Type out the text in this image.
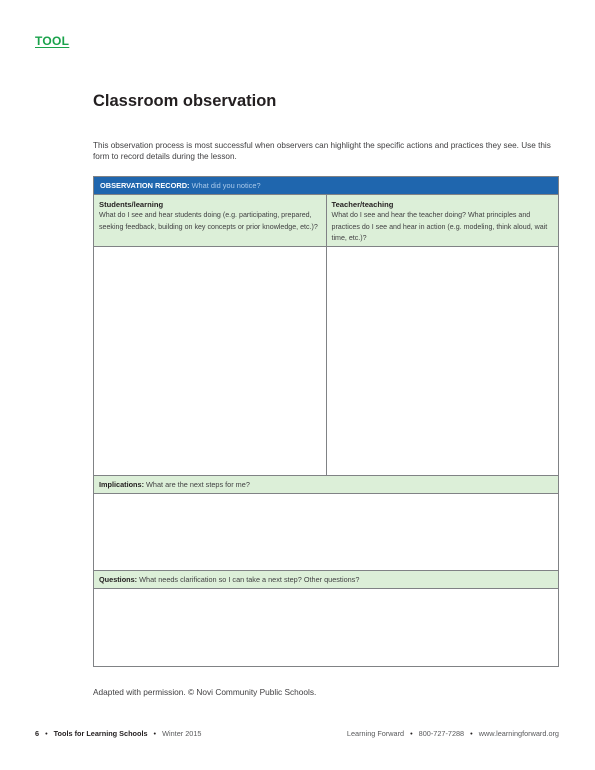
TOOL
Classroom observation

This observation process is most successful when observers can highlight the specific actions and practices they see. Use this form to record details during the lesson.

OBSERVATION RECORD: What did you notice?
Students/learning
What do I see and hear students doing (e.g. participating, prepared, seeking feedback, building on key concepts or prior knowledge, etc.)?
Teacher/teaching
What do I see and hear the teacher doing? What principles and practices do I see and hear in action (e.g. modeling, think aloud, wait time, etc.)?
Implications: What are the next steps for me?
Questions: What needs clarification so I can take a next step? Other questions?
Adapted with permission. © Novi Community Public Schools.
6 • Tools for Learning Schools • Winter 2015	Learning Forward • 800-727-7288 • www.learningforward.org
